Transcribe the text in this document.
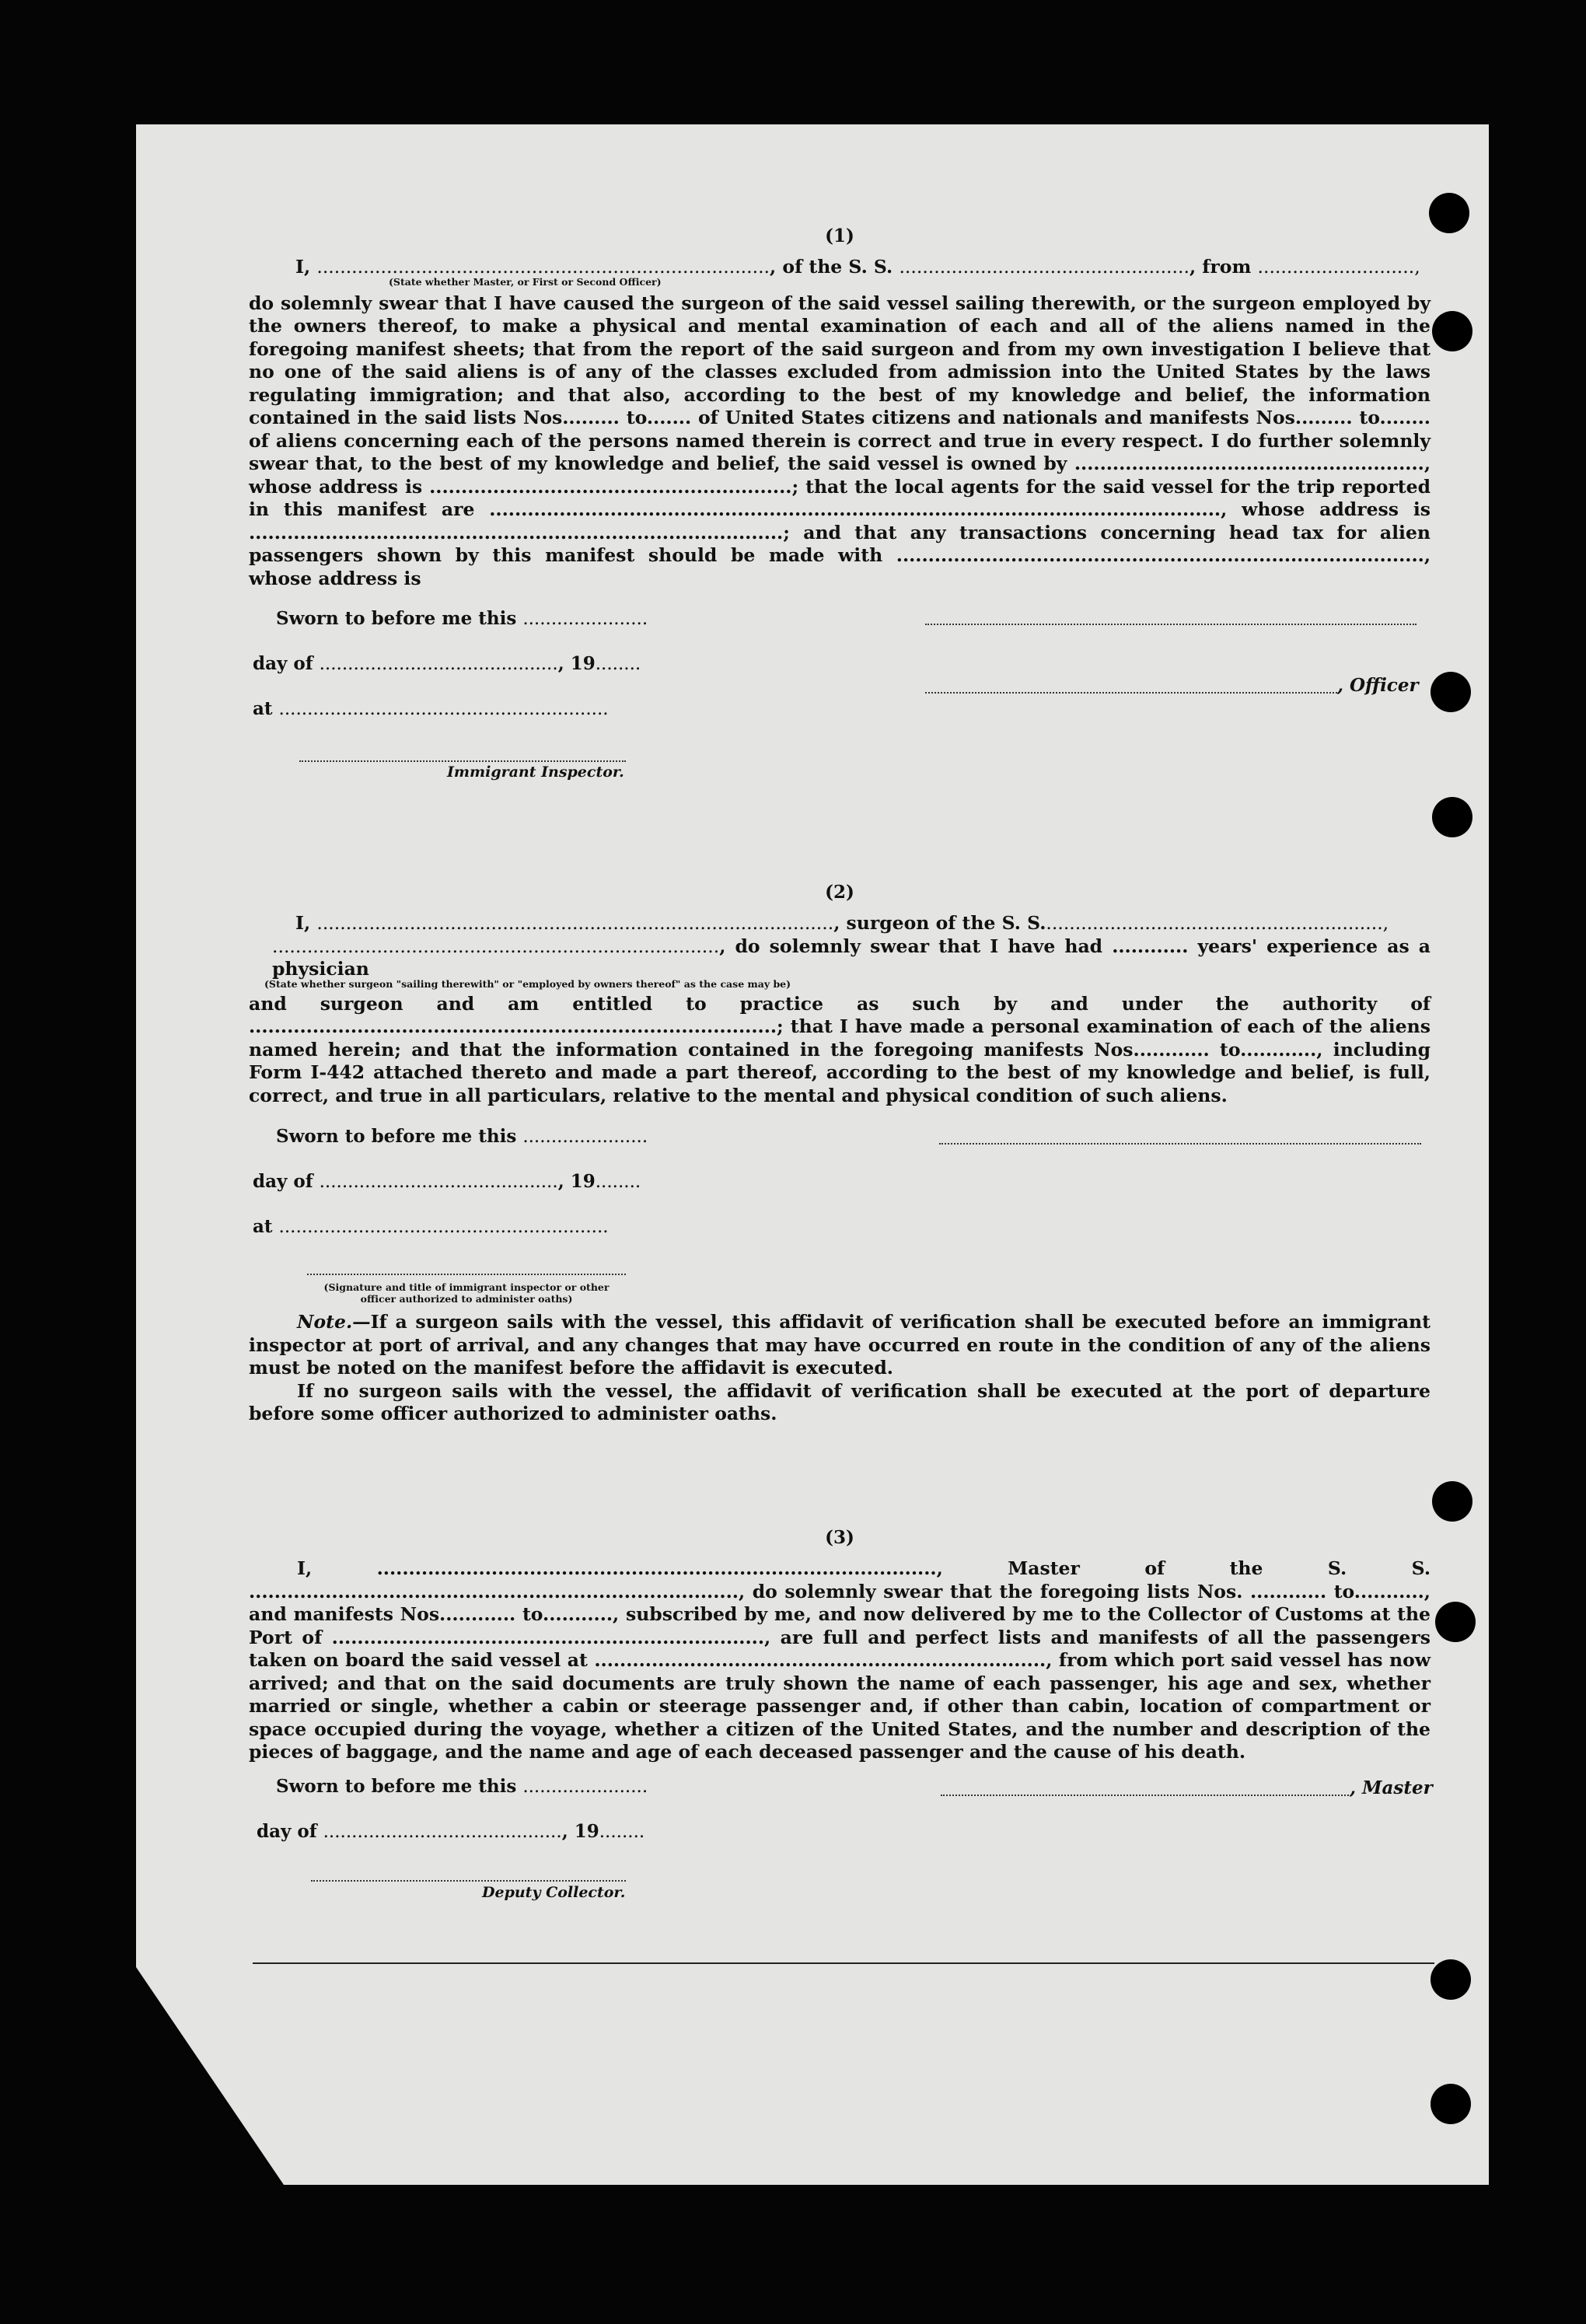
(1)
I, .............................................................................., of the S. S. .................................................., from ...........................,
(State whether Master, or First or Second Officer)

do solemnly swear that I have caused the surgeon of the said vessel sailing therewith, or the surgeon employed by the owners thereof, to make a physical and mental examination of each and all of the aliens named in the foregoing manifest sheets; that from the report of the said surgeon and from my own investigation I believe that no one of the said aliens is of any of the classes excluded from admission into the United States by the laws regulating immigration; and that also, according to the best of my knowledge and belief, the information contained in the said lists Nos......... to....... of United States citizens and nationals and manifests Nos......... to........ of aliens concerning each of the persons named therein is correct and true in every respect. I do further solemnly swear that, to the best of my knowledge and belief, the said vessel is owned by ......................................................., whose address is .........................................................; that the local agents for the said vessel for the trip reported in this manifest are ..................................................................................................................., whose address is ....................................................................................; and that any transactions concerning head tax for alien passengers shown by this manifest should be made with ..................................................................................., whose address is

Sworn to before me this ......................
day of .........................................., 19........
at ..........................................................
Immigrant Inspector.
, Officer
(2)
I, ........................................................................................., surgeon of the S. S...........................................................,
............................................................................., do solemnly swear that I have had ............ years' experience as a physician
(State whether surgeon "sailing therewith" or "employed by owners thereof" as the case may be)

and surgeon and am entitled to practice as such by and under the authority of ...................................................................................; that I have made a personal examination of each of the aliens named herein; and that the information contained in the foregoing manifests Nos............ to............, including Form I-442 attached thereto and made a part thereof, according to the best of my knowledge and belief, is full, correct, and true in all particulars, relative to the mental and physical condition of such aliens.

Sworn to before me this ......................
day of .........................................., 19........
at ..........................................................
(Signature and title of immigrant inspector or other officer authorized to administer oaths)

Note.—If a surgeon sails with the vessel, this affidavit of verification shall be executed before an immigrant inspector at port of arrival, and any changes that may have occurred en route in the condition of any of the aliens must be noted on the manifest before the affidavit is executed.

If no surgeon sails with the vessel, the affidavit of verification shall be executed at the port of departure before some officer authorized to administer oaths.

(3)

I, ........................................................................................, Master of the S. S. ............................................................................., do solemnly swear that the foregoing lists Nos. ............ to..........., and manifests Nos............ to..........., subscribed by me, and now delivered by me to the Collector of Customs at the Port of ...................................................................., are full and perfect lists and manifests of all the passengers taken on board the said vessel at ......................................................................., from which port said vessel has now arrived; and that on the said documents are truly shown the name of each passenger, his age and sex, whether married or single, whether a cabin or steerage passenger and, if other than cabin, location of compartment or space occupied during the voyage, whether a citizen of the United States, and the number and description of the pieces of baggage, and the name and age of each deceased passenger and the cause of his death.

Sworn to before me this ......................
day of .........................................., 19........
Deputy Collector.
, Master
